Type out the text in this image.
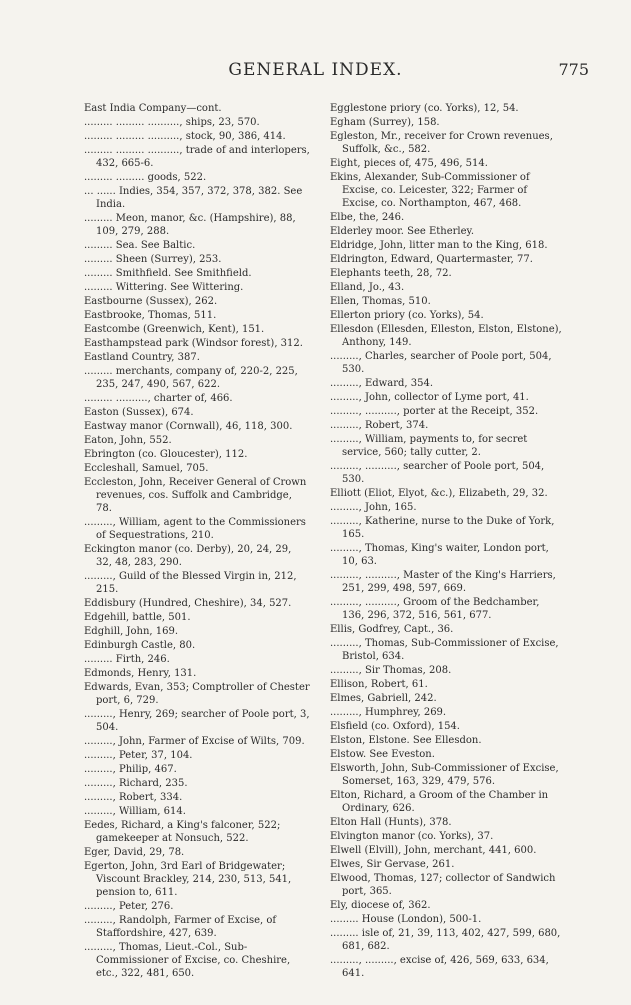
GENERAL INDEX.	775
East India Company—cont.
......... ......... .........., ships, 23, 570.
......... ......... .........., stock, 90, 386, 414.
......... ......... .........., trade of and interlopers, 432, 665-6.
......... ......... goods, 522.
... ...... Indies, 354, 357, 372, 378, 382. See India.
......... Meon, manor, &c. (Hampshire), 88, 109, 279, 288.
......... Sea. See Baltic.
......... Sheen (Surrey), 253.
......... Smithfield. See Smithfield.
......... Wittering. See Wittering.
Eastbourne (Sussex), 262.
Eastbrooke, Thomas, 511.
Eastcombe (Greenwich, Kent), 151.
Easthampstead park (Windsor forest), 312.
Eastland Country, 387.
......... merchants, company of, 220-2, 225, 235, 247, 490, 567, 622.
......... .........., charter of, 466.
Easton (Sussex), 674.
Eastway manor (Cornwall), 46, 118, 300.
Eaton, John, 552.
Ebrington (co. Gloucester), 112.
Eccleshall, Samuel, 705.
Eccleston, John, Receiver General of Crown revenues, cos. Suffolk and Cambridge, 78.
........., William, agent to the Commissioners of Sequestrations, 210.
Eckington manor (co. Derby), 20, 24, 29, 32, 48, 283, 290.
........., Guild of the Blessed Virgin in, 212, 215.
Eddisbury (Hundred, Cheshire), 34, 527.
Edgehill, battle, 501.
Edghill, John, 169.
Edinburgh Castle, 80.
......... Firth, 246.
Edmonds, Henry, 131.
Edwards, Evan, 353; Comptroller of Chester port, 6, 729.
........., Henry, 269; searcher of Poole port, 3, 504.
........., John, Farmer of Excise of Wilts, 709.
........., Peter, 37, 104.
........., Philip, 467.
........., Richard, 235.
........., Robert, 334.
........., William, 614.
Eedes, Richard, a King's falconer, 522; gamekeeper at Nonsuch, 522.
Eger, David, 29, 78.
Egerton, John, 3rd Earl of Bridgewater; Viscount Brackley, 214, 230, 513, 541, pension to, 611.
........., Peter, 276.
........., Randolph, Farmer of Excise, of Staffordshire, 427, 639.
........., Thomas, Lieut.-Col., Sub-Commissioner of Excise, co. Cheshire, etc., 322, 481, 650.
Egglestone priory (co. Yorks), 12, 54.
Egham (Surrey), 158.
Egleston, Mr., receiver for Crown revenues, Suffolk, &c., 582.
Eight, pieces of, 475, 496, 514.
Ekins, Alexander, Sub-Commissioner of Excise, co. Leicester, 322; Farmer of Excise, co. Northampton, 467, 468.
Elbe, the, 246.
Elderley moor. See Etherley.
Eldridge, John, litter man to the King, 618.
Eldrington, Edward, Quartermaster, 77.
Elephants teeth, 28, 72.
Elland, Jo., 43.
Ellen, Thomas, 510.
Ellerton priory (co. Yorks), 54.
Ellesdon (Ellesden, Elleston, Elston, Elstone), Anthony, 149.
........., Charles, searcher of Poole port, 504, 530.
........., Edward, 354.
........., John, collector of Lyme port, 41.
........., .........., porter at the Receipt, 352.
........., Robert, 374.
........., William, payments to, for secret service, 560; tally cutter, 2.
........., .........., searcher of Poole port, 504, 530.
Elliott (Eliot, Elyot, &c.), Elizabeth, 29, 32.
........., John, 165.
........., Katherine, nurse to the Duke of York, 165.
........., Thomas, King's waiter, London port, 10, 63.
........., .........., Master of the King's Harriers, 251, 299, 498, 597, 669.
........., .........., Groom of the Bedchamber, 136, 296, 372, 516, 561, 677.
Ellis, Godfrey, Capt., 36.
........., Thomas, Sub-Commissioner of Excise, Bristol, 634.
........., Sir Thomas, 208.
Ellison, Robert, 61.
Elmes, Gabriell, 242.
........., Humphrey, 269.
Elsfield (co. Oxford), 154.
Elston, Elstone. See Ellesdon.
Elstow. See Eveston.
Elsworth, John, Sub-Commissioner of Excise, Somerset, 163, 329, 479, 576.
Elton, Richard, a Groom of the Chamber in Ordinary, 626.
Elton Hall (Hunts), 378.
Elvington manor (co. Yorks), 37.
Elwell (Elvill), John, merchant, 441, 600.
Elwes, Sir Gervase, 261.
Elwood, Thomas, 127; collector of Sandwich port, 365.
Ely, diocese of, 362.
......... House (London), 500-1.
......... isle of, 21, 39, 113, 402, 427, 599, 680, 681, 682.
........., ........., excise of, 426, 569, 633, 634, 641.
